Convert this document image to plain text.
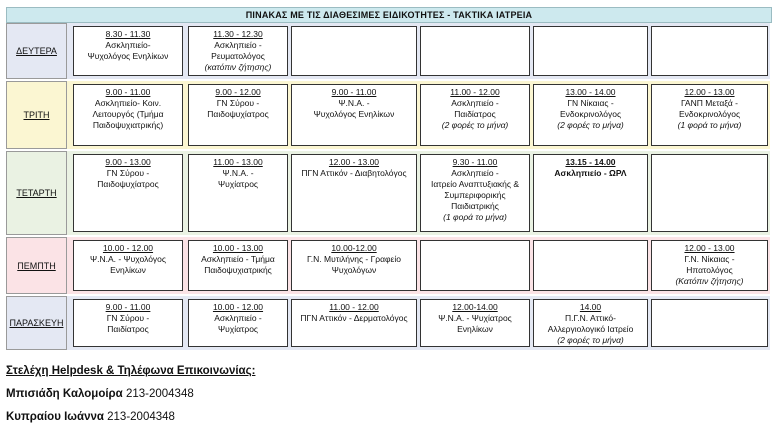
ΠΙΝΑΚΑΣ ΜΕ ΤΙΣ ΔΙΑΘΕΣΙΜΕΣ ΕΙΔΙΚΟΤΗΤΕΣ - ΤΑΚΤΙΚΑ ΙΑΤΡΕΙΑ
ΔΕΥΤΕΡΑ
8.30 - 11.30
Ασκληπιείο-
Ψυχολόγος Ενηλίκων
11.30 - 12.30
Ασκληπιείο -
Ρευματολόγος
(κατόπιν ζήτησης)
ΤΡΙΤΗ
9.00 - 11.00
Ασκληπιείο- Κοιν.
Λειτουργός (Τμήμα
Παιδοψυχιατρικής)
9.00 - 12.00
ΓΝ Σύρου -
Παιδοψυχίατρος
9.00 - 11.00
Ψ.Ν.Α. -
Ψυχολόγος Ενηλίκων
11.00 - 12.00
Ασκληπιείο -
Παιδίατρος
(2 φορές το μήνα)
13.00 - 14.00
ΓΝ Νίκαιας -
Ενδοκρινολόγος
(2 φορές το μήνα)
12.00 - 13.00
ΓΑΝΠ Μεταξά -
Ενδοκρινολόγος
(1 φορά το μήνα)
ΤΕΤΑΡΤΗ
9.00 - 13.00
ΓΝ Σύρου -
Παιδοψυχίατρος
11.00 - 13.00
Ψ.Ν.Α. -
Ψυχίατρος
12.00 - 13.00
ΠΓΝ Αττικόν - Διαβητολόγος
9.30 - 11.00
Ασκληπιείο -
Ιατρείο Αναπτυξιακής &
Συμπεριφορικής
Παιδιατρικής
(1 φορά το μήνα)
13.15 - 14.00
Ασκληπιείο - ΩΡΛ
ΠΕΜΠΤΗ
10.00 - 12.00
Ψ.Ν.Α. - Ψυχολόγος
Ενηλίκων
10.00 - 13.00
Ασκληπιείο - Τμήμα
Παιδοψυχιατρικής
10.00-12.00
Γ.Ν. Μυτιλήνης - Γραφείο
Ψυχολόγων
12.00 - 13.00
Γ.Ν. Νίκαιας -
Ηπατολόγος
(Κατόπιν ζήτησης)
ΠΑΡΑΣΚΕΥΗ
9.00 - 11.00
ΓΝ Σύρου -
Παιδίατρος
10.00 - 12.00
Ασκληπιείο -
Ψυχίατρος
11.00 - 12.00
ΠΓΝ Αττικόν - Δερματολόγος
12.00-14.00
Ψ.Ν.Α. - Ψυχίατρος
Ενηλίκων
14.00
Π.Γ.Ν. Αττικό-
Αλλεργιολογικό Ιατρείο
(2 φορές το μήνα)
Στελέχη Helpdesk & Τηλέφωνα Επικοινωνίας:
Μπισιάδη Καλομοίρα 213-2004348
Κυπραίου Ιωάννα 213-2004348
